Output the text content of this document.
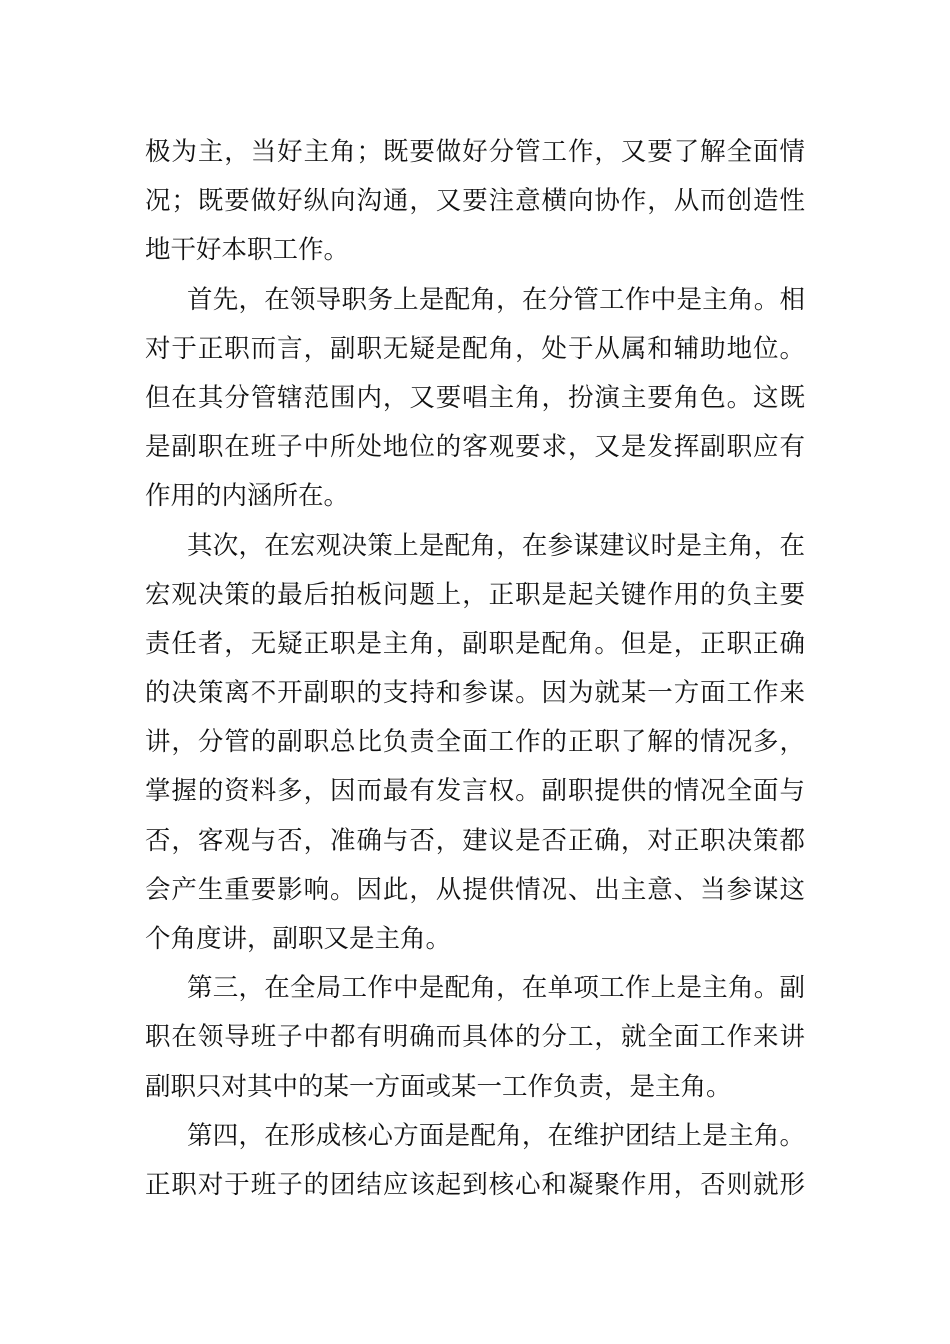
极为主，当好主角；既要做好分管工作，又要了解全面情
况；既要做好纵向沟通，又要注意横向协作，从而创造性
地干好本职工作。
首先，在领导职务上是配角，在分管工作中是主角。相
对于正职而言，副职无疑是配角，处于从属和辅助地位。
但在其分管辖范围内，又要唱主角，扮演主要角色。这既
是副职在班子中所处地位的客观要求，又是发挥副职应有
作用的内涵所在。
其次，在宏观决策上是配角，在参谋建议时是主角，在
宏观决策的最后拍板问题上，正职是起关键作用的负主要
责任者，无疑正职是主角，副职是配角。但是，正职正确
的决策离不开副职的支持和参谋。因为就某一方面工作来
讲，分管的副职总比负责全面工作的正职了解的情况多，
掌握的资料多，因而最有发言权。副职提供的情况全面与
否，客观与否，准确与否，建议是否正确，对正职决策都
会产生重要影响。因此，从提供情况、出主意、当参谋这
个角度讲，副职又是主角。
第三，在全局工作中是配角，在单项工作上是主角。副
职在领导班子中都有明确而具体的分工，就全面工作来讲
副职只对其中的某一方面或某一工作负责，是主角。
第四，在形成核心方面是配角，在维护团结上是主角。
正职对于班子的团结应该起到核心和凝聚作用，否则就形
